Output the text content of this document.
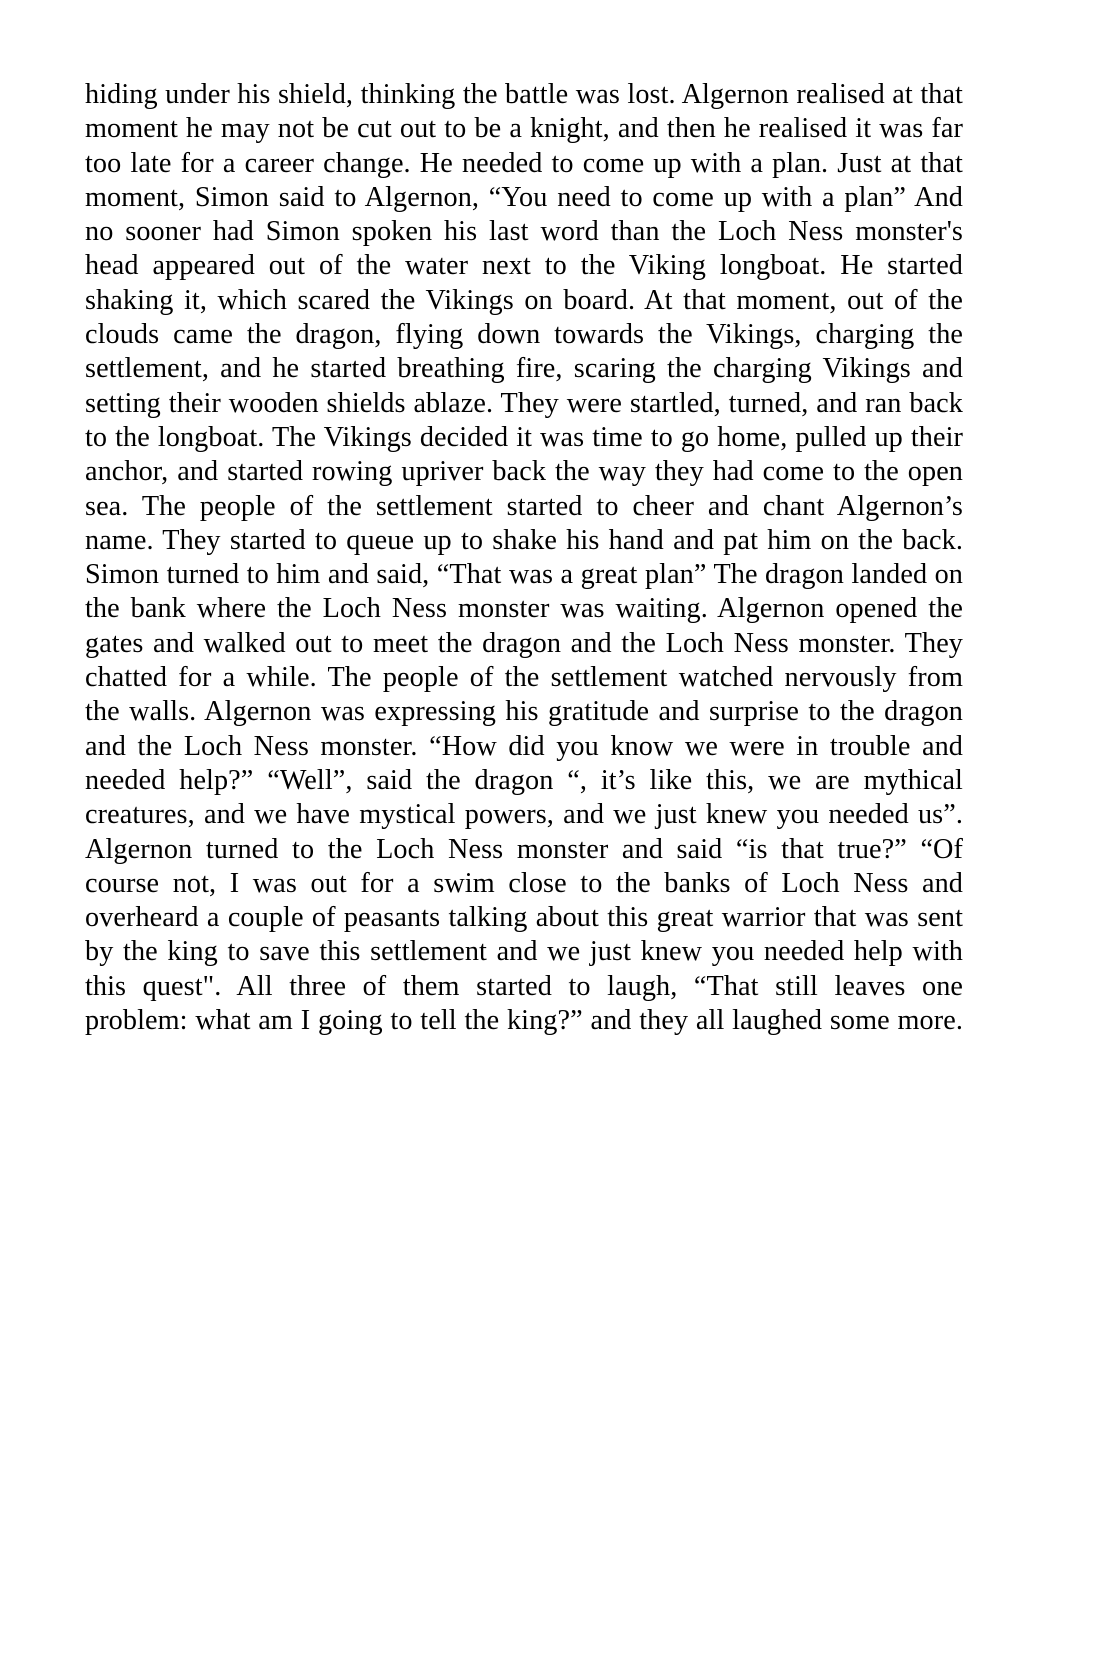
hiding under his shield, thinking the battle was lost. Algernon realised at that moment he may not be cut out to be a knight, and then he realised it was far too late for a career change. He needed to come up with a plan. Just at that moment, Simon said to Algernon, “You need to come up with a plan” And no sooner had Simon spoken his last word than the Loch Ness monster's head appeared out of the water next to the Viking longboat. He started shaking it, which scared the Vikings on board. At that moment, out of the clouds came the dragon, flying down towards the Vikings, charging the settlement, and he started breathing fire, scaring the charging Vikings and setting their wooden shields ablaze. They were startled, turned, and ran back to the longboat. The Vikings decided it was time to go home, pulled up their anchor, and started rowing upriver back the way they had come to the open sea. The people of the settlement started to cheer and chant Algernon’s name. They started to queue up to shake his hand and pat him on the back. Simon turned to him and said, “That was a great plan” The dragon landed on the bank where the Loch Ness monster was waiting. Algernon opened the gates and walked out to meet the dragon and the Loch Ness monster. They chatted for a while. The people of the settlement watched nervously from the walls. Algernon was expressing his gratitude and surprise to the dragon and the Loch Ness monster. “How did you know we were in trouble and needed help?” “Well”, said the dragon “, it’s like this, we are mythical creatures, and we have mystical powers, and we just knew you needed us”. Algernon turned to the Loch Ness monster and said “is that true?” “Of course not, I was out for a swim close to the banks of Loch Ness and overheard a couple of peasants talking about this great warrior that was sent by the king to save this settlement and we just knew you needed help with this quest". All three of them started to laugh, “That still leaves one problem: what am I going to tell the king?” and they all laughed some more.
